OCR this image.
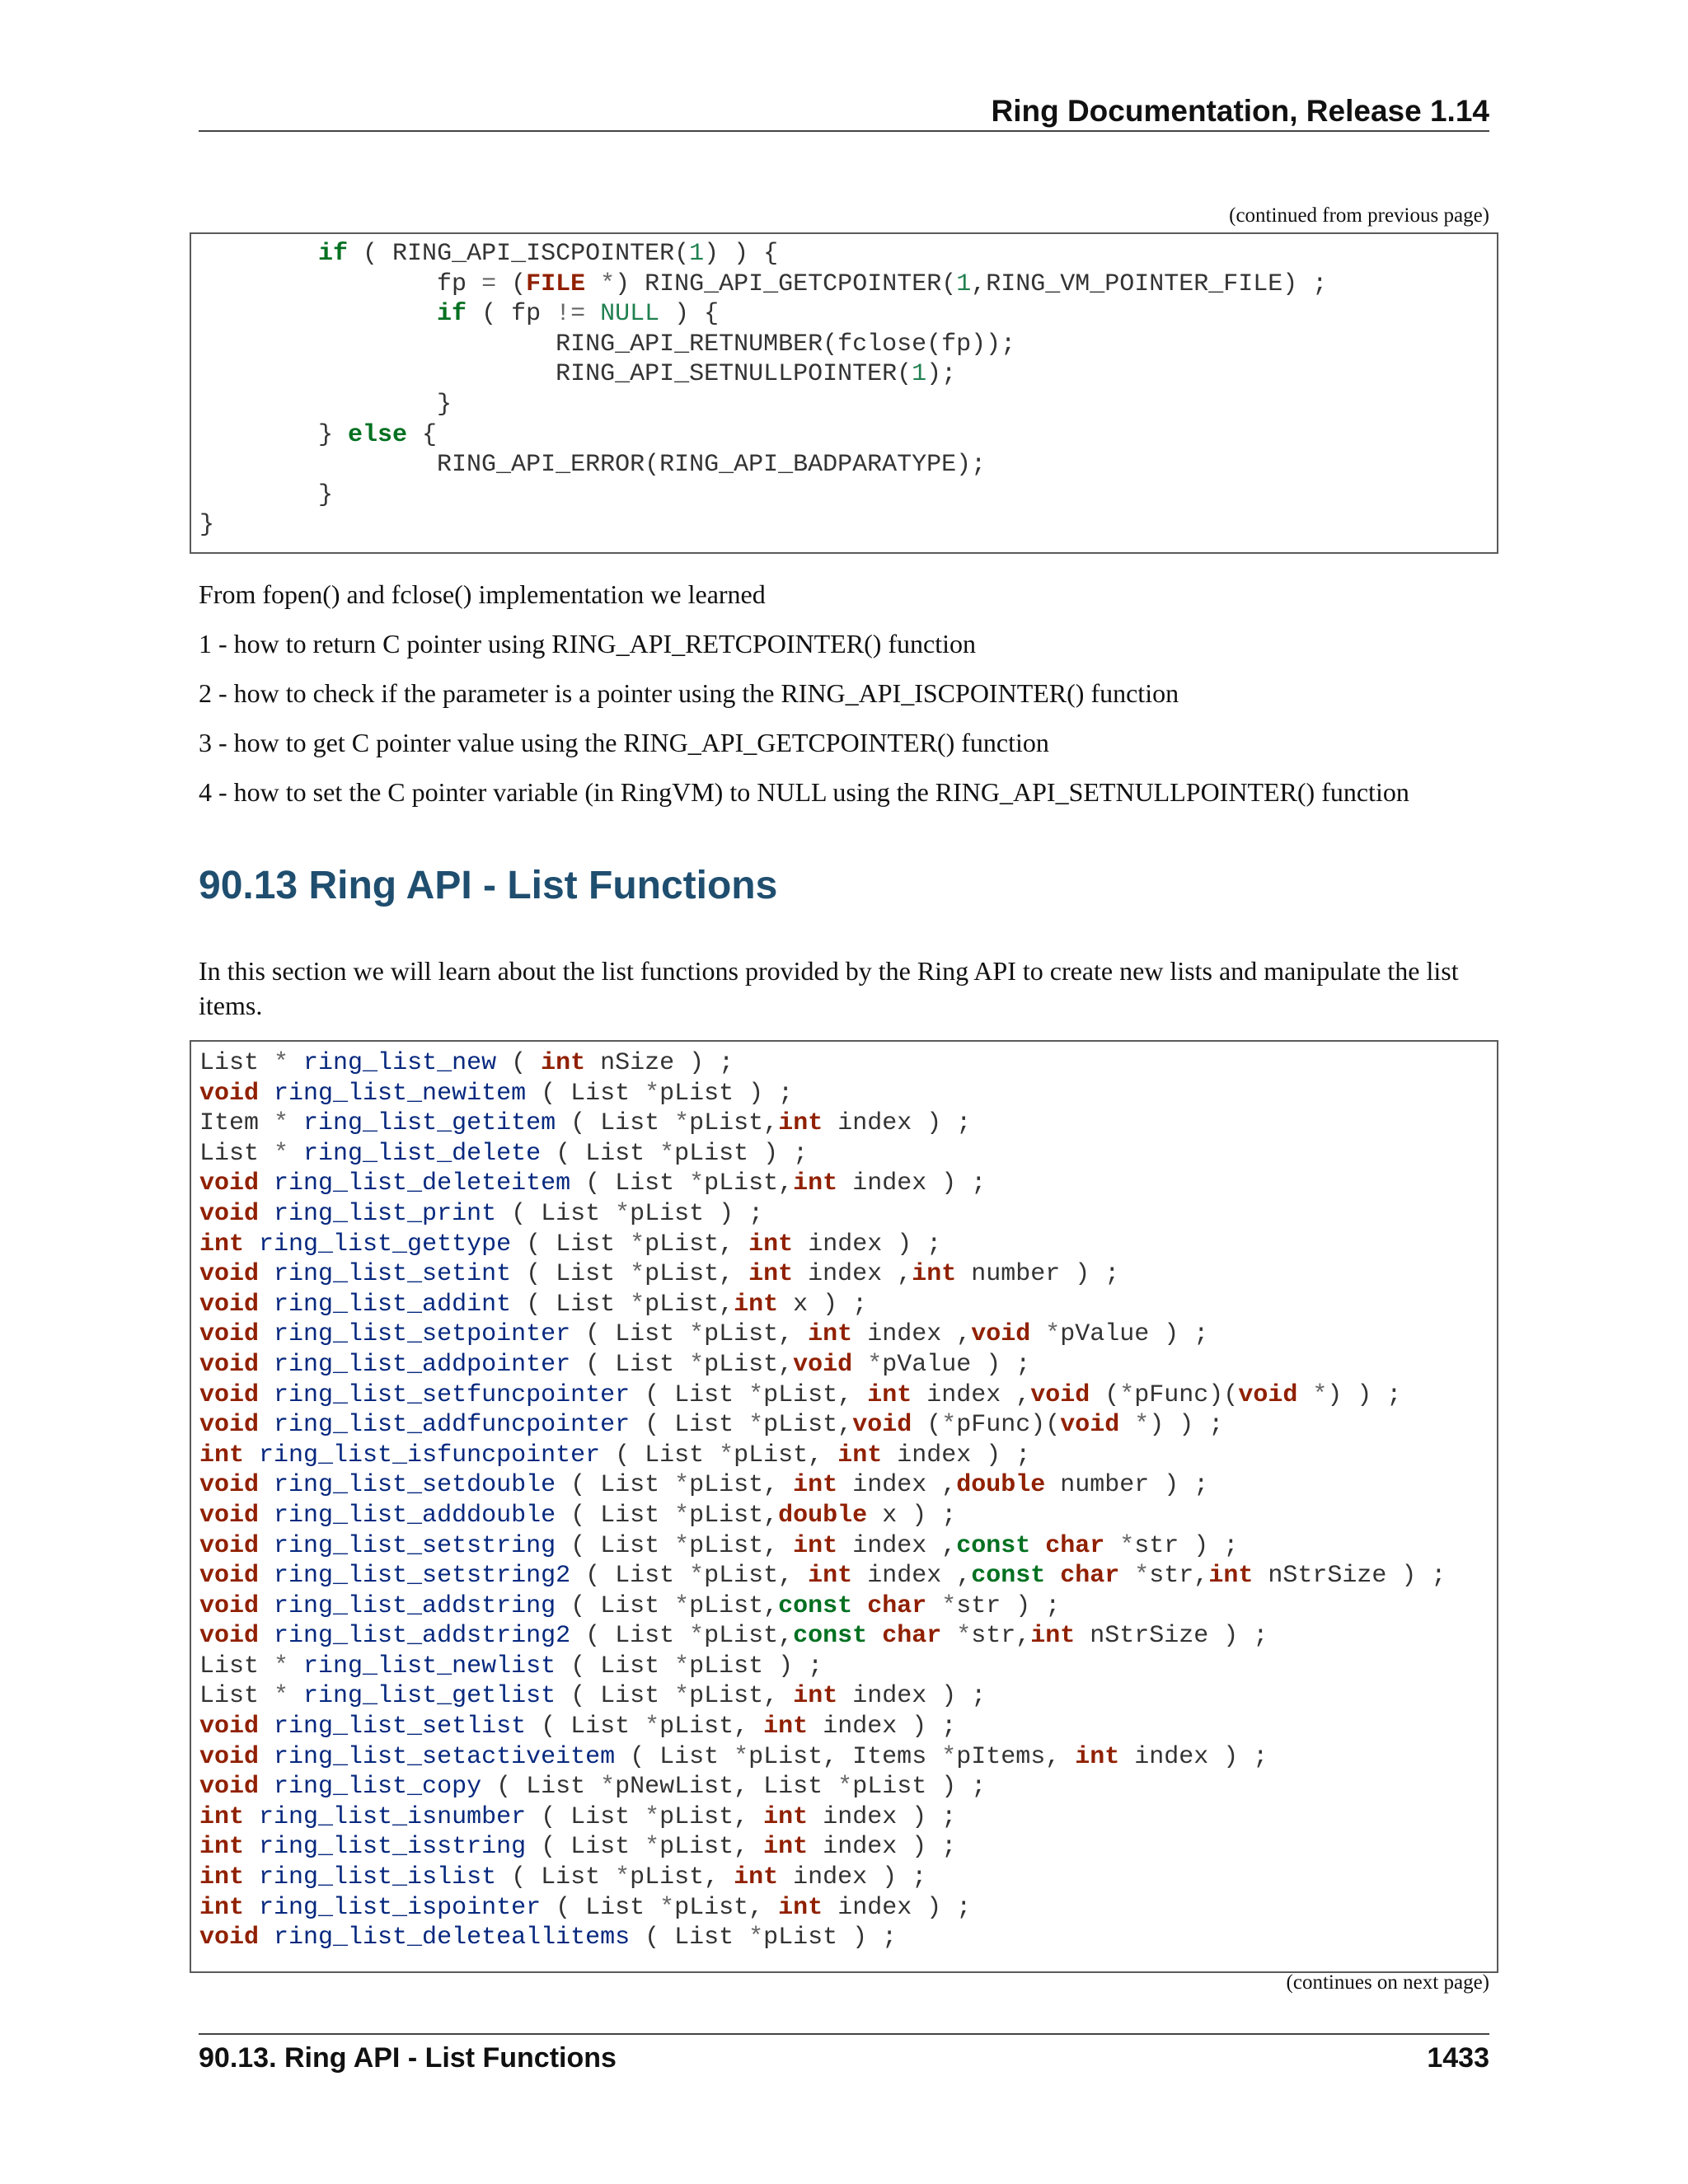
Ring Documentation, Release 1.14
(continued from previous page)
if ( RING_API_ISCPOINTER(1) ) {
fp = (FILE *) RING_API_GETCPOINTER(1,RING_VM_POINTER_FILE) ;
if ( fp != NULL ) {
RING_API_RETNUMBER(fclose(fp));
RING_API_SETNULLPOINTER(1);
}
} else {
RING_API_ERROR(RING_API_BADPARATYPE);
}
}
From fopen() and fclose() implementation we learned
1 - how to return C pointer using RING_API_RETCPOINTER() function
2 - how to check if the parameter is a pointer using the RING_API_ISCPOINTER() function
3 - how to get C pointer value using the RING_API_GETCPOINTER() function
4 - how to set the C pointer variable (in RingVM) to NULL using the RING_API_SETNULLPOINTER() function
90.13 Ring API - List Functions
In this section we will learn about the list functions provided by the Ring API to create new lists and manipulate the list items.
List * ring_list_new ( int nSize ) ;
void ring_list_newitem ( List *pList ) ;
Item * ring_list_getitem ( List *pList,int index ) ;
List * ring_list_delete ( List *pList ) ;
void ring_list_deleteitem ( List *pList,int index ) ;
void ring_list_print ( List *pList ) ;
int ring_list_gettype ( List *pList, int index ) ;
void ring_list_setint ( List *pList, int index ,int number ) ;
void ring_list_addint ( List *pList,int x ) ;
void ring_list_setpointer ( List *pList, int index ,void *pValue ) ;
void ring_list_addpointer ( List *pList,void *pValue ) ;
void ring_list_setfuncpointer ( List *pList, int index ,void (*pFunc)(void *) ) ;
void ring_list_addfuncpointer ( List *pList,void (*pFunc)(void *) ) ;
int ring_list_isfuncpointer ( List *pList, int index ) ;
void ring_list_setdouble ( List *pList, int index ,double number ) ;
void ring_list_adddouble ( List *pList,double x ) ;
void ring_list_setstring ( List *pList, int index ,const char *str ) ;
void ring_list_setstring2 ( List *pList, int index ,const char *str,int nStrSize ) ;
void ring_list_addstring ( List *pList,const char *str ) ;
void ring_list_addstring2 ( List *pList,const char *str,int nStrSize ) ;
List * ring_list_newlist ( List *pList ) ;
List * ring_list_getlist ( List *pList, int index ) ;
void ring_list_setlist ( List *pList, int index ) ;
void ring_list_setactiveitem ( List *pList, Items *pItems, int index ) ;
void ring_list_copy ( List *pNewList, List *pList ) ;
int ring_list_isnumber ( List *pList, int index ) ;
int ring_list_isstring ( List *pList, int index ) ;
int ring_list_islist ( List *pList, int index ) ;
int ring_list_ispointer ( List *pList, int index ) ;
void ring_list_deleteallitems ( List *pList ) ;
(continues on next page)
90.13. Ring API - List Functions	1433
